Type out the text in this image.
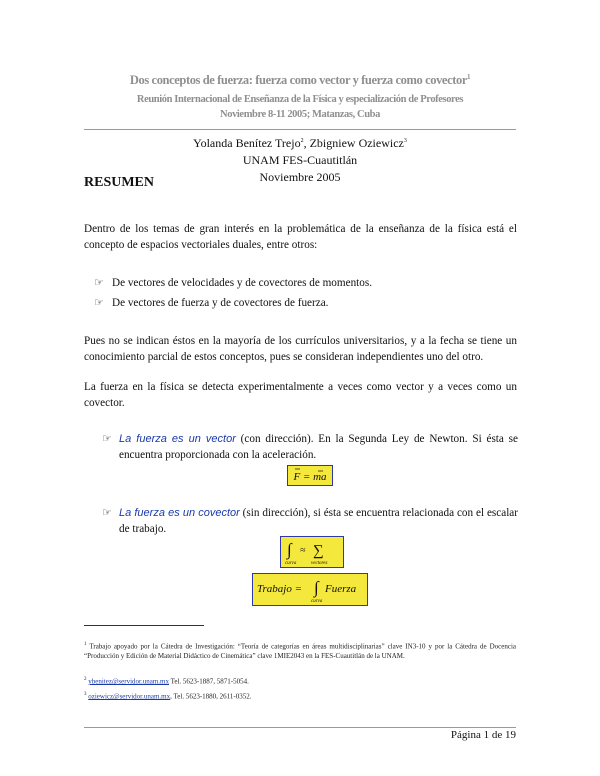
Dos conceptos de fuerza: fuerza como vector y fuerza como covector$^1$
Reunión Internacional de Enseñanza de la Física y especialización de Profesores
Noviembre 8-11 2005; Matanzas, Cuba
Yolanda Benítez Trejo$^2$, Zbigniew Oziewicz$^3$
UNAM FES-Cuautitlán
Noviembre 2005
RESUMEN
Dentro de los temas de gran interés en la problemática de la enseñanza de la física está el concepto de espacios vectoriales duales, entre otros:
☞ De vectores de velocidades y de covectores de momentos.
☞ De vectores de fuerza y de covectores de fuerza.
Pues no se indican éstos en la mayoría de los currículos universitarios, y a la fecha se tiene un conocimiento parcial de estos conceptos, pues se consideran independientes uno del otro.
La fuerza en la física se detecta experimentalmente a veces como vector y a veces como un covector.
☞ La fuerza es un vector (con dirección). En la Segunda Ley de Newton. Si ésta se encuentra proporcionada con la aceleración.
F = ma
☞ La fuerza es un covector (sin dirección), si ésta se encuentra relacionada con el escalar de trabajo.
∫
curva
≈ ∑
vectores
Trabajo = ∫
curva
Fuerza
$^1$ Trabajo apoyado por la Cátedra de Investigación: “Teoría de categorías en áreas multidisciplinarias” clave IN3-10 y por la Cátedra de Docencia “Producción y Edición de Material Didáctico de Cinemática” clave 1MIE2043 en la FES-Cuautitlán de la UNAM.
$^2$ ybenitez@servidor.unam.mx Tel. 5623-1887, 5871-5054.
$^3$ oziewicz@servidor.unam.mx, Tel. 5623-1880, 2611-0352.
Página 1 de 19
